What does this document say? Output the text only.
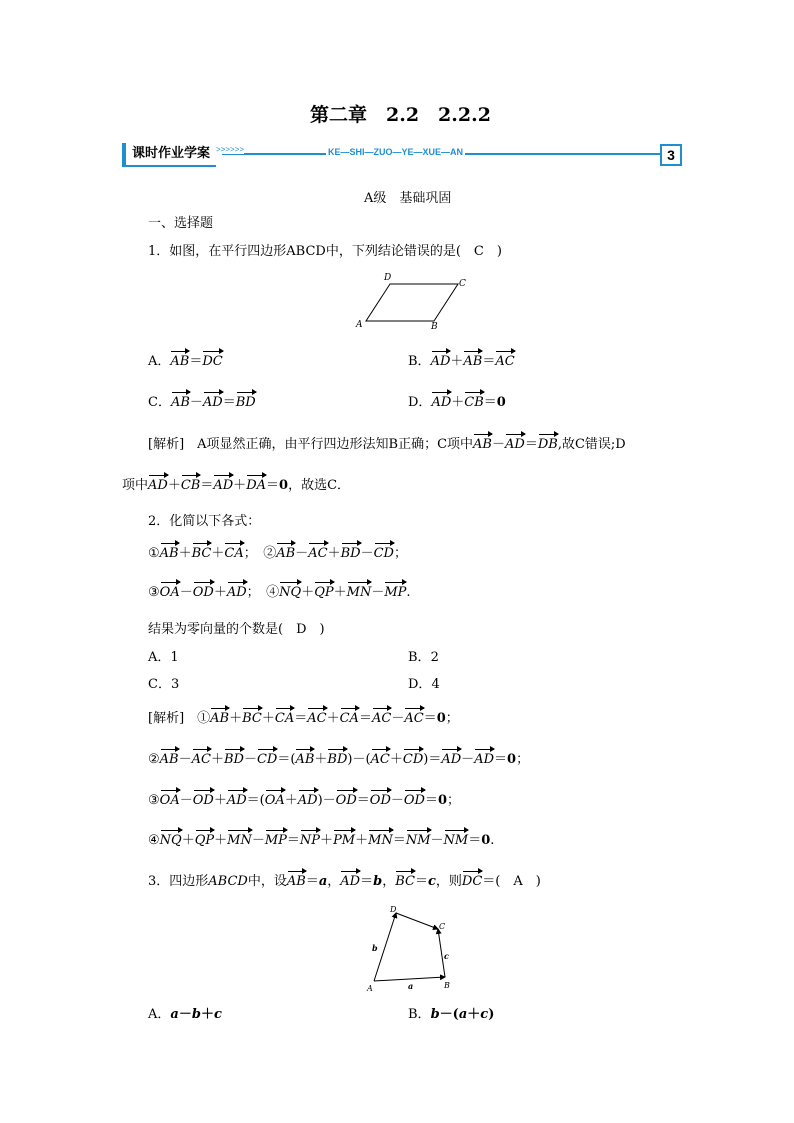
第二章　2.2　2.2.2
课时作业学案 >>>>>>	KE—SHI—ZUO—YE—XUE—AN	3
A级　基础巩固
一、选择题
1．如图，在平行四边形ABCD中，下列结论错误的是(　C　)
A	B
C
D
A．AB＝DC	B．AD＋AB＝AC
C．AB－AD＝BD	D．AD＋CB＝0
[解析]　A项显然正确，由平行四边形法知B正确；C项中AB－AD＝DB,故C错误;D
项中AD＋CB＝AD＋DA＝0，故选C．
2．化简以下各式：
①AB＋BC＋CA；　②AB－AC＋BD－CD；
③OA－OD＋AD；　④NQ＋QP＋MN－MP.
结果为零向量的个数是(　D　)
A．1	B．2
C．3	D．4
[解析]　①AB＋BC＋CA＝AC＋CA＝AC－AC＝0；
②AB－AC＋BD－CD＝(AB＋BD)－(AC＋CD)＝AD－AD＝0；
③OA－OD＋AD＝(OA＋AD)－OD＝OD－OD＝0；
④NQ＋QP＋MN－MP＝NP＋PM＋MN＝NM－NM＝0.
3．四边形ABCD中，设AB＝a，AD＝b，BC＝c，则DC＝(　A　)
A	B
C
D
a
b
c
A．a－b＋c	B．b－(a＋c)
